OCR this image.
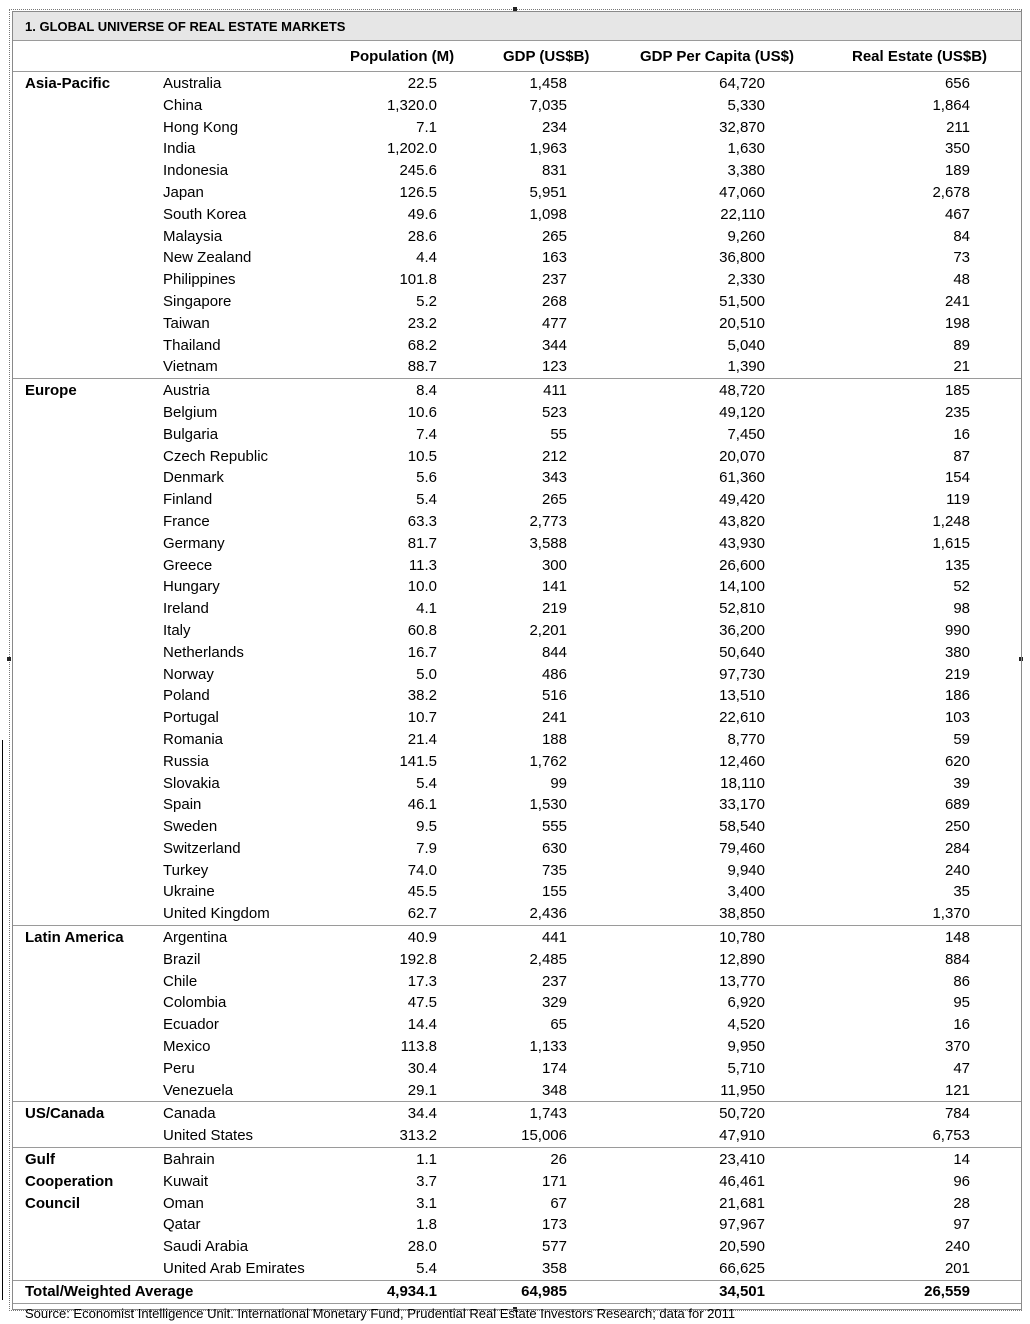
1. GLOBAL UNIVERSE OF REAL ESTATE MARKETS
Population (M)	GDP (US$B)	GDP Per Capita (US$)	Real Estate (US$B)
Asia-Pacific	Australia	22.5	1,458	64,720	656
China	1,320.0	7,035	5,330	1,864
Hong Kong	7.1	234	32,870	211
India	1,202.0	1,963	1,630	350
Indonesia	245.6	831	3,380	189
Japan	126.5	5,951	47,060	2,678
South Korea	49.6	1,098	22,110	467
Malaysia	28.6	265	9,260	84
New Zealand	4.4	163	36,800	73
Philippines	101.8	237	2,330	48
Singapore	5.2	268	51,500	241
Taiwan	23.2	477	20,510	198
Thailand	68.2	344	5,040	89
Vietnam	88.7	123	1,390	21
Europe	Austria	8.4	411	48,720	185
Belgium	10.6	523	49,120	235
Bulgaria	7.4	55	7,450	16
Czech Republic	10.5	212	20,070	87
Denmark	5.6	343	61,360	154
Finland	5.4	265	49,420	119
France	63.3	2,773	43,820	1,248
Germany	81.7	3,588	43,930	1,615
Greece	11.3	300	26,600	135
Hungary	10.0	141	14,100	52
Ireland	4.1	219	52,810	98
Italy	60.8	2,201	36,200	990
Netherlands	16.7	844	50,640	380
Norway	5.0	486	97,730	219
Poland	38.2	516	13,510	186
Portugal	10.7	241	22,610	103
Romania	21.4	188	8,770	59
Russia	141.5	1,762	12,460	620
Slovakia	5.4	99	18,110	39
Spain	46.1	1,530	33,170	689
Sweden	9.5	555	58,540	250
Switzerland	7.9	630	79,460	284
Turkey	74.0	735	9,940	240
Ukraine	45.5	155	3,400	35
United Kingdom	62.7	2,436	38,850	1,370
Latin America	Argentina	40.9	441	10,780	148
Brazil	192.8	2,485	12,890	884
Chile	17.3	237	13,770	86
Colombia	47.5	329	6,920	95
Ecuador	14.4	65	4,520	16
Mexico	113.8	1,133	9,950	370
Peru	30.4	174	5,710	47
Venezuela	29.1	348	11,950	121
US/Canada	Canada	34.4	1,743	50,720	784
United States	313.2	15,006	47,910	6,753
Gulf Cooperation Council
Bahrain	1.1	26	23,410	14
Kuwait	3.7	171	46,461	96
Oman	3.1	67	21,681	28
Qatar	1.8	173	97,967	97
Saudi Arabia	28.0	577	20,590	240
United Arab Emirates	5.4	358	66,625	201
Total/Weighted Average	4,934.1	64,985	34,501	26,559
Source: Economist Intelligence Unit. International Monetary Fund, Prudential Real Estate Investors Research; data for 2011
